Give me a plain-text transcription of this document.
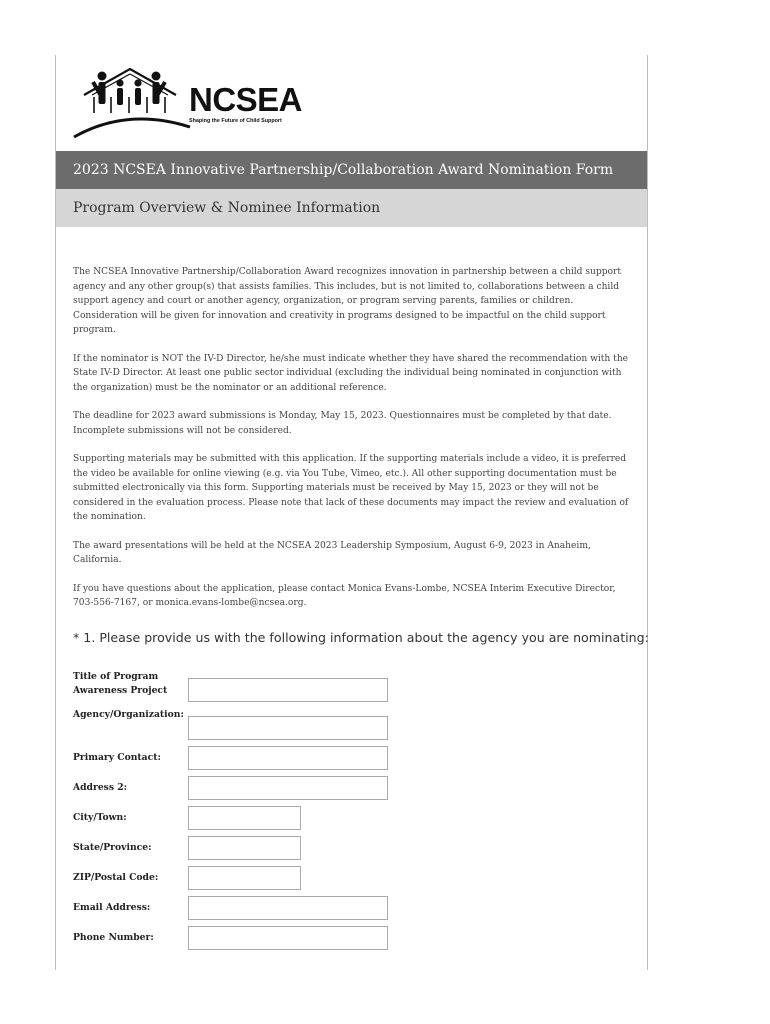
NCSEA
Shaping the Future of Child Support
2023 NCSEA Innovative Partnership/Collaboration Award Nomination Form
Program Overview & Nominee Information

The NCSEA Innovative Partnership/Collaboration Award recognizes innovation in partnership between a child support agency and any other group(s) that assists families. This includes, but is not limited to, collaborations between a child support agency and court or another agency, organization, or program serving parents, families or children. Consideration will be given for innovation and creativity in programs designed to be impactful on the child support program.

If the nominator is NOT the IV-D Director, he/she must indicate whether they have shared the recommendation with the State IV-D Director. At least one public sector individual (excluding the individual being nominated in conjunction with the organization) must be the nominator or an additional reference.

The deadline for 2023 award submissions is Monday, May 15, 2023. Questionnaires must be completed by that date. Incomplete submissions will not be considered.

Supporting materials may be submitted with this application. If the supporting materials include a video, it is preferred the video be available for online viewing (e.g. via You Tube, Vimeo, etc.). All other supporting documentation must be submitted electronically via this form. Supporting materials must be received by May 15, 2023 or they will not be considered in the evaluation process. Please note that lack of these documents may impact the review and evaluation of the nomination.

The award presentations will be held at the NCSEA 2023 Leadership Symposium, August 6-9, 2023 in Anaheim, California.

If you have questions about the application, please contact Monica Evans-Lombe, NCSEA Interim Executive Director, 703-556-7167, or monica.evans-lombe@ncsea.org.

* 1. Please provide us with the following information about the agency you are nominating:
Title of Program Awareness Project
Agency/Organization:
Primary Contact:
Address 2:
City/Town:
State/Province:
ZIP/Postal Code:
Email Address:
Phone Number:
